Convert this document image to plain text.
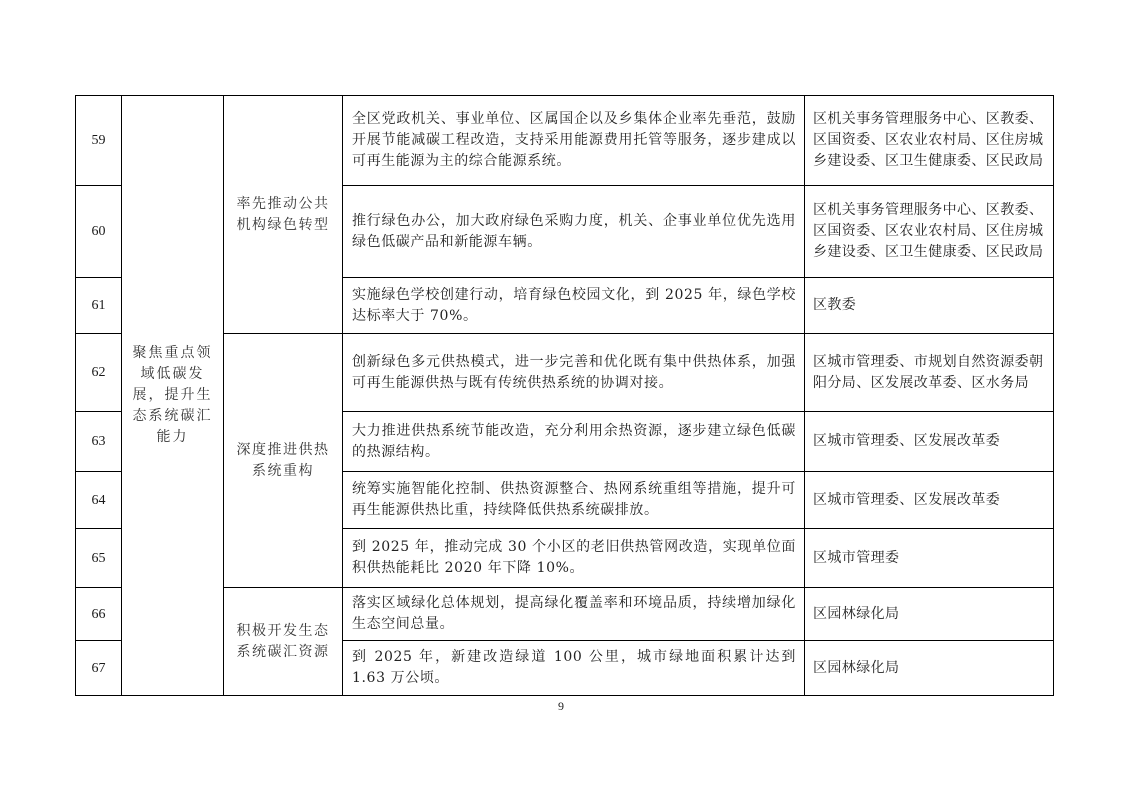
59	聚焦重点领域低碳发展，提升生态系统碳汇能力	率先推动公共机构绿色转型	全区党政机关、事业单位、区属国企以及乡集体企业率先垂范，鼓励开展节能减碳工程改造，支持采用能源费用托管等服务，逐步建成以可再生能源为主的综合能源系统。	区机关事务管理服务中心、区教委、区国资委、区农业农村局、区住房城乡建设委、区卫生健康委、区民政局
60			推行绿色办公，加大政府绿色采购力度，机关、企事业单位优先选用绿色低碳产品和新能源车辆。	区机关事务管理服务中心、区教委、区国资委、区农业农村局、区住房城乡建设委、区卫生健康委、区民政局
61			实施绿色学校创建行动，培育绿色校园文化，到 2025 年，绿色学校达标率大于 70%。	区教委
62		深度推进供热系统重构	创新绿色多元供热模式，进一步完善和优化既有集中供热体系，加强可再生能源供热与既有传统供热系统的协调对接。	区城市管理委、市规划自然资源委朝阳分局、区发展改革委、区水务局
63			大力推进供热系统节能改造，充分利用余热资源，逐步建立绿色低碳的热源结构。	区城市管理委、区发展改革委
64			统筹实施智能化控制、供热资源整合、热网系统重组等措施，提升可再生能源供热比重，持续降低供热系统碳排放。	区城市管理委、区发展改革委
65			到 2025 年，推动完成 30 个小区的老旧供热管网改造，实现单位面积供热能耗比 2020 年下降 10%。	区城市管理委
66		积极开发生态系统碳汇资源	落实区域绿化总体规划，提高绿化覆盖率和环境品质，持续增加绿化生态空间总量。	区园林绿化局
67			到 2025 年，新建改造绿道 100 公里，城市绿地面积累计达到 1.63 万公顷。	区园林绿化局
9
